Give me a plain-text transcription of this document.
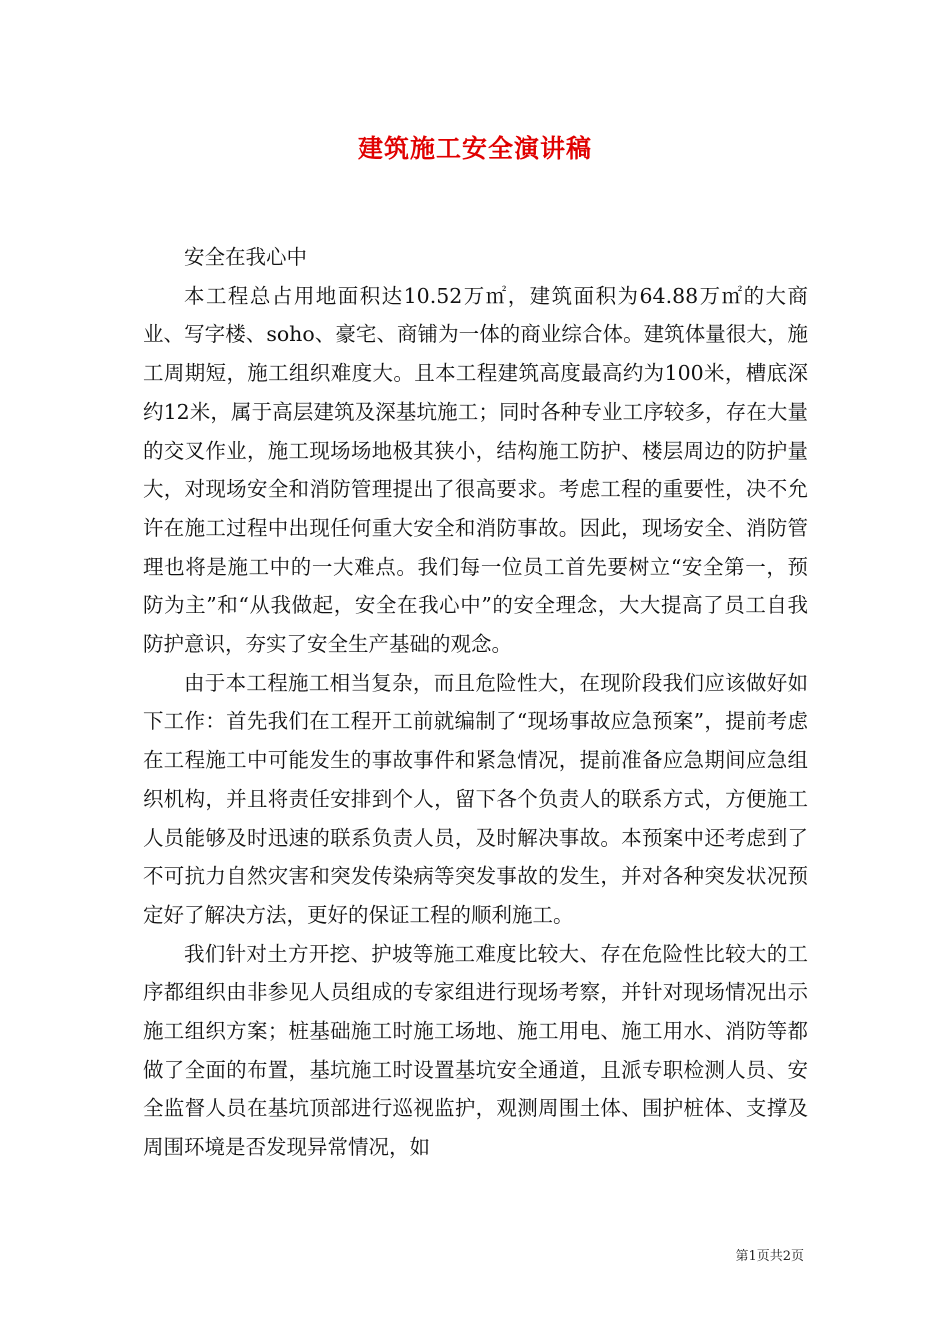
建筑施工安全演讲稿

安全在我心中

本工程总占用地面积达10.52万㎡，建筑面积为64.88万㎡的大商业、写字楼、soho、豪宅、商铺为一体的商业综合体。建筑体量很大，施工周期短，施工组织难度大。且本工程建筑高度最高约为100米，槽底深约12米，属于高层建筑及深基坑施工；同时各种专业工序较多，存在大量的交叉作业，施工现场场地极其狭小，结构施工防护、楼层周边的防护量大，对现场安全和消防管理提出了很高要求。考虑工程的重要性，决不允许在施工过程中出现任何重大安全和消防事故。因此，现场安全、消防管理也将是施工中的一大难点。我们每一位员工首先要树立“安全第一，预防为主”和“从我做起，安全在我心中”的安全理念，大大提高了员工自我防护意识，夯实了安全生产基础的观念。

由于本工程施工相当复杂，而且危险性大，在现阶段我们应该做好如下工作：首先我们在工程开工前就编制了“现场事故应急预案”，提前考虑在工程施工中可能发生的事故事件和紧急情况，提前准备应急期间应急组织机构，并且将责任安排到个人，留下各个负责人的联系方式，方便施工人员能够及时迅速的联系负责人员，及时解决事故。本预案中还考虑到了不可抗力自然灾害和突发传染病等突发事故的发生，并对各种突发状况预定好了解决方法，更好的保证工程的顺利施工。

我们针对土方开挖、护坡等施工难度比较大、存在危险性比较大的工序都组织由非参见人员组成的专家组进行现场考察，并针对现场情况出示施工组织方案；桩基础施工时施工场地、施工用电、施工用水、消防等都做了全面的布置，基坑施工时设置基坑安全通道，且派专职检测人员、安全监督人员在基坑顶部进行巡视监护，观测周围土体、围护桩体、支撑及周围环境是否发现异常情况，如

第1页共2页
